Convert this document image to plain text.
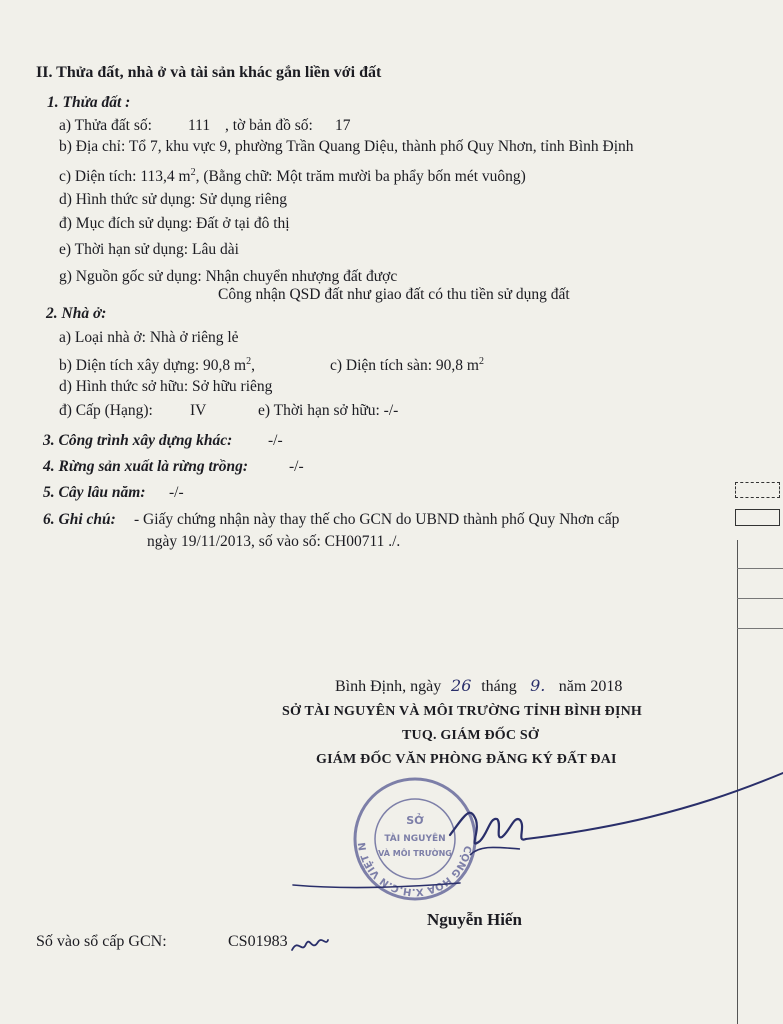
II. Thửa đất, nhà ở và tài sản khác gắn liền với đất
1. Thửa đất :
a) Thửa đất số: 111 , tờ bản đồ số: 17
b) Địa chỉ: Tổ 7, khu vực 9, phường Trần Quang Diệu, thành phố Quy Nhơn, tỉnh Bình Định
c) Diện tích: 113,4 $m^2$, (Bằng chữ: Một trăm mười ba phẩy bốn mét vuông)
d) Hình thức sử dụng: Sử dụng riêng
đ) Mục đích sử dụng: Đất ở tại đô thị
e) Thời hạn sử dụng: Lâu dài
g) Nguồn gốc sử dụng: Nhận chuyển nhượng đất được
Công nhận QSD đất như giao đất có thu tiền sử dụng đất
2. Nhà ở:
a) Loại nhà ở: Nhà ở riêng lẻ
b) Diện tích xây dựng: 90,8 $m^2$,	c) Diện tích sàn: 90,8 $m^2$
d) Hình thức sở hữu: Sở hữu riêng
đ) Cấp (Hạng): IV	e) Thời hạn sở hữu: -/-
3. Công trình xây dựng khác: -/-
4. Rừng sản xuất là rừng trồng:	-/-
5. Cây lâu năm: -/-
6. Ghi chú: - Giấy chứng nhận này thay thế cho GCN do UBND thành phố Quy Nhơn cấp
ngày 19/11/2013, số vào số: CH00711 ./.
Bình Định, ngày 26 tháng 9. năm 2018
SỞ TÀI NGUYÊN VÀ MÔI TRƯỜNG TỈNH BÌNH ĐỊNH
TUQ. GIÁM ĐỐC SỞ
GIÁM ĐỐC VĂN PHÒNG ĐĂNG KÝ ĐẤT ĐAI
CỘNG HÒA X.H.C.N VIỆT NAM · TỈNH BÌNH ĐỊNH ·
SỞ
TÀI NGUYÊN
VÀ MÔI TRƯỜNG
Nguyễn Hiến
Số vào sổ cấp GCN:	CS01983
